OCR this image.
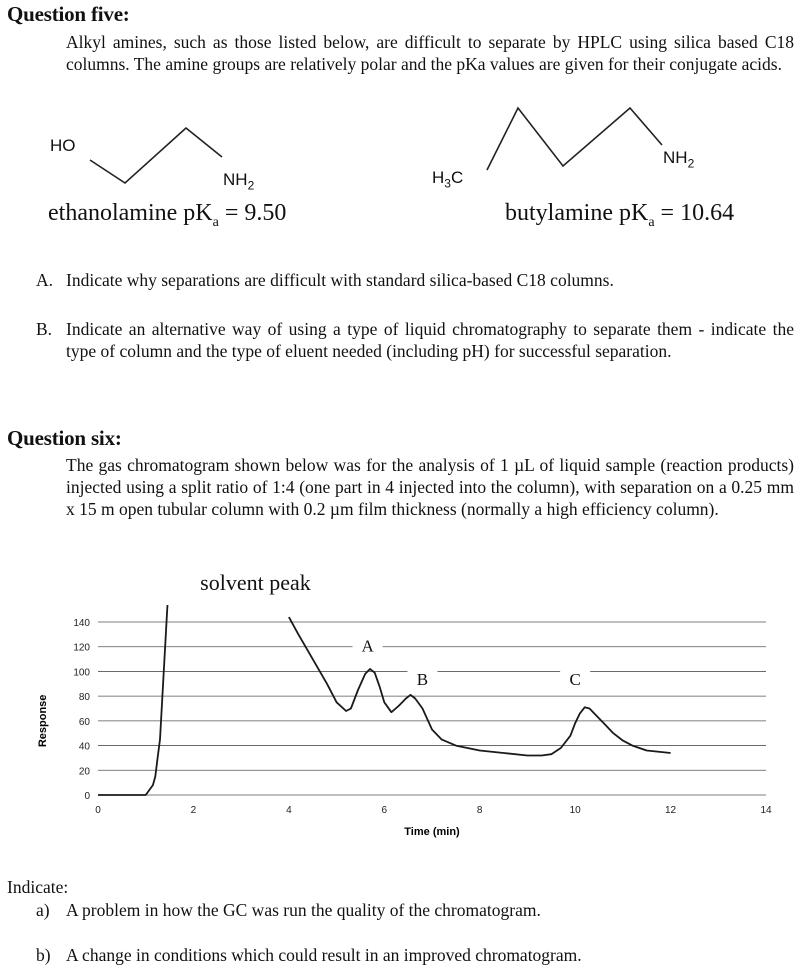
Question five:
Alkyl amines, such as those listed below, are difficult to separate by HPLC using silica based C18 columns. The amine groups are relatively polar and the pKa values are given for their conjugate acids.
HO
$NH_2$
ethanolamine $pK_a = 9.50$
$H_3C$
$NH_2$
butylamine $pK_a = 10.64$
A. Indicate why separations are difficult with standard silica-based C18 columns.
B. Indicate an alternative way of using a type of liquid chromatography to separate them - indicate the type of column and the type of eluent needed (including pH) for successful separation.
Question six:
The gas chromatogram shown below was for the analysis of 1 µL of liquid sample (reaction products) injected using a split ratio of 1:4 (one part in 4 injected into the column), with separation on a 0.25 mm x 15 m open tubular column with 0.2 µm film thickness (normally a high efficiency column).
0
20
40
60
80
100
120
140
0	2	4	6	8	10	12	14
solvent peak
A
B	C
Time (min)
Response
Indicate:
a) A problem in how the GC was run the quality of the chromatogram.
b) A change in conditions which could result in an improved chromatogram.
